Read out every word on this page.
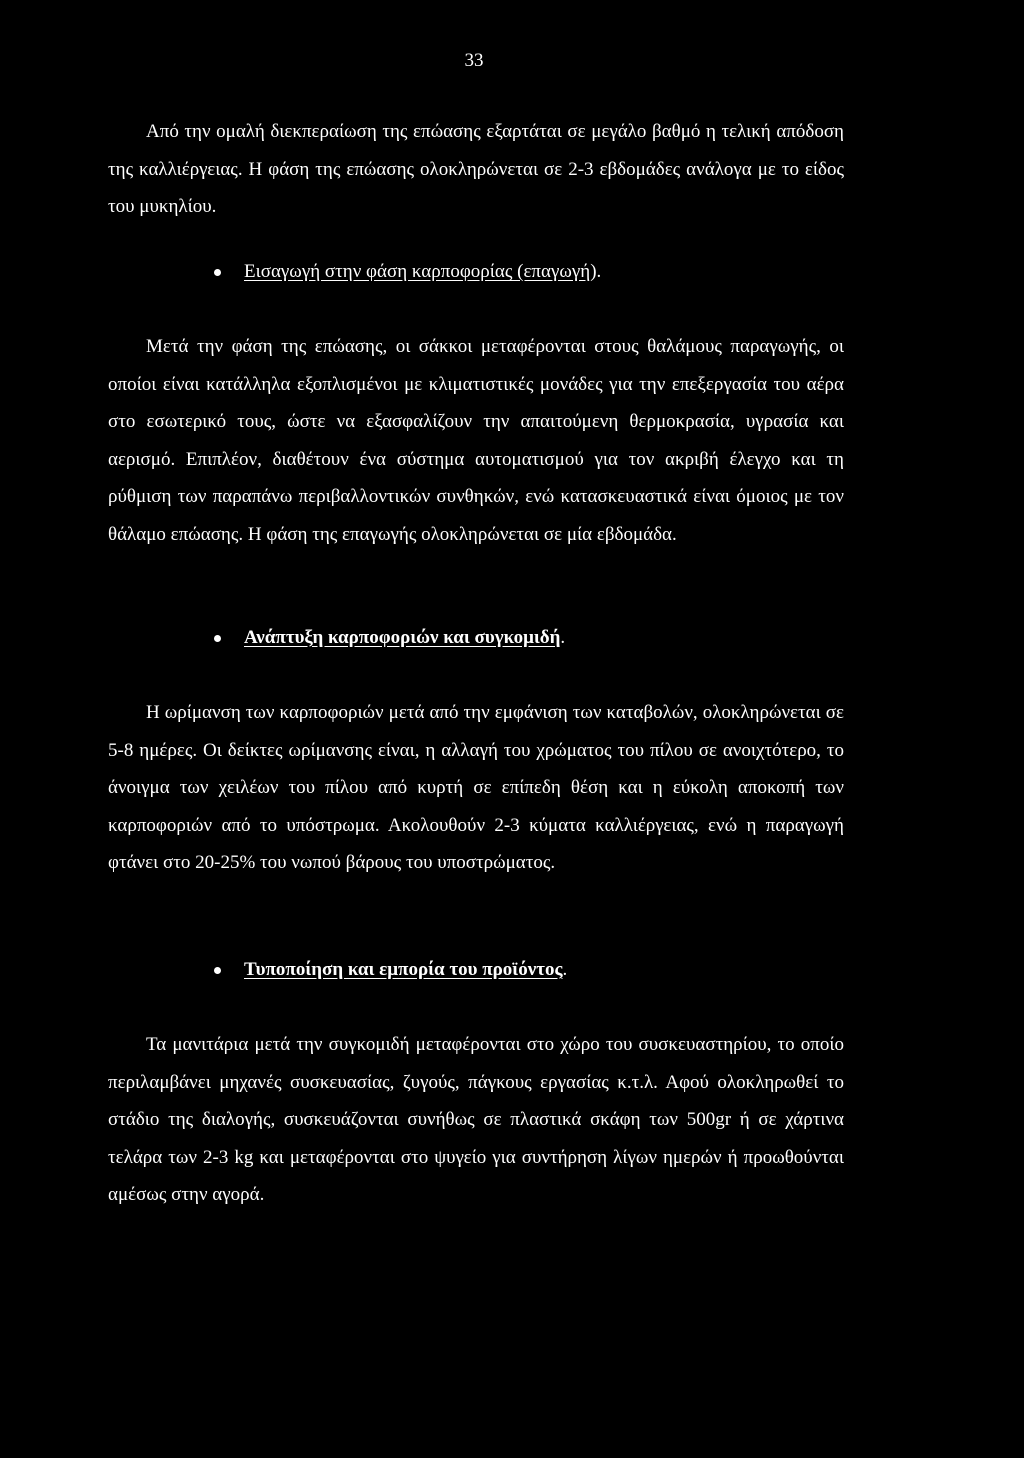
33

Από την ομαλή διεκπεραίωση της επώασης εξαρτάται σε μεγάλο βαθμό η τελική απόδοση της καλλιέργειας. Η φάση της επώασης ολοκληρώνεται σε 2-3 εβδομάδες ανάλογα με το είδος του μυκηλίου.

Εισαγωγή στην φάση καρποφορίας (επαγωγή ).

Μετά την φάση της επώασης, οι σάκκοι μεταφέρονται στους θαλάμους παραγωγής, οι οποίοι είναι κατάλληλα εξοπλισμένοι με κλιματιστικές μονάδες για την επεξεργασία του αέρα στο εσωτερικό τους, ώστε να εξασφαλίζουν την απαιτούμενη θερμοκρασία, υγρασία και αερισμό. Επιπλέον, διαθέτουν ένα σύστημα αυτοματισμού για τον ακριβή έλεγχο και τη ρύθμιση των παραπάνω περιβαλλοντικών συνθηκών, ενώ κατασκευαστικά είναι όμοιος με τον θάλαμο επώασης. Η φάση της επαγωγής ολοκληρώνεται σε μία εβδομάδα.

Ανάπτυξη καρποφοριών και συγκομιδή .

Η ωρίμανση των καρποφοριών μετά από την εμφάνιση των καταβολών, ολοκληρώνεται σε 5-8 ημέρες. Οι δείκτες ωρίμανσης είναι, η αλλαγή του χρώματος του πίλου σε ανοιχτότερο, το άνοιγμα των χειλέων του πίλου από κυρτή σε επίπεδη θέση και η εύκολη αποκοπή των καρποφοριών από το υπόστρωμα. Ακολουθούν 2-3 κύματα καλλιέργειας, ενώ η παραγωγή φτάνει στο 20-25% του νωπού βάρους του υποστρώματος.

Τυποποίηση και εμπορία του προϊόντος .

Τα μανιτάρια μετά την συγκομιδή μεταφέρονται στο χώρο του συσκευαστηρίου, το οποίο περιλαμβάνει μηχανές συσκευασίας, ζυγούς, πάγκους εργασίας κ.τ.λ. Αφού ολοκληρωθεί το στάδιο της διαλογής, συσκευάζονται συνήθως σε πλαστικά σκάφη των 500gr ή σε χάρτινα τελάρα των 2-3 kg και μεταφέρονται στο ψυγείο για συντήρηση λίγων ημερών ή προωθούνται αμέσως στην αγορά.
